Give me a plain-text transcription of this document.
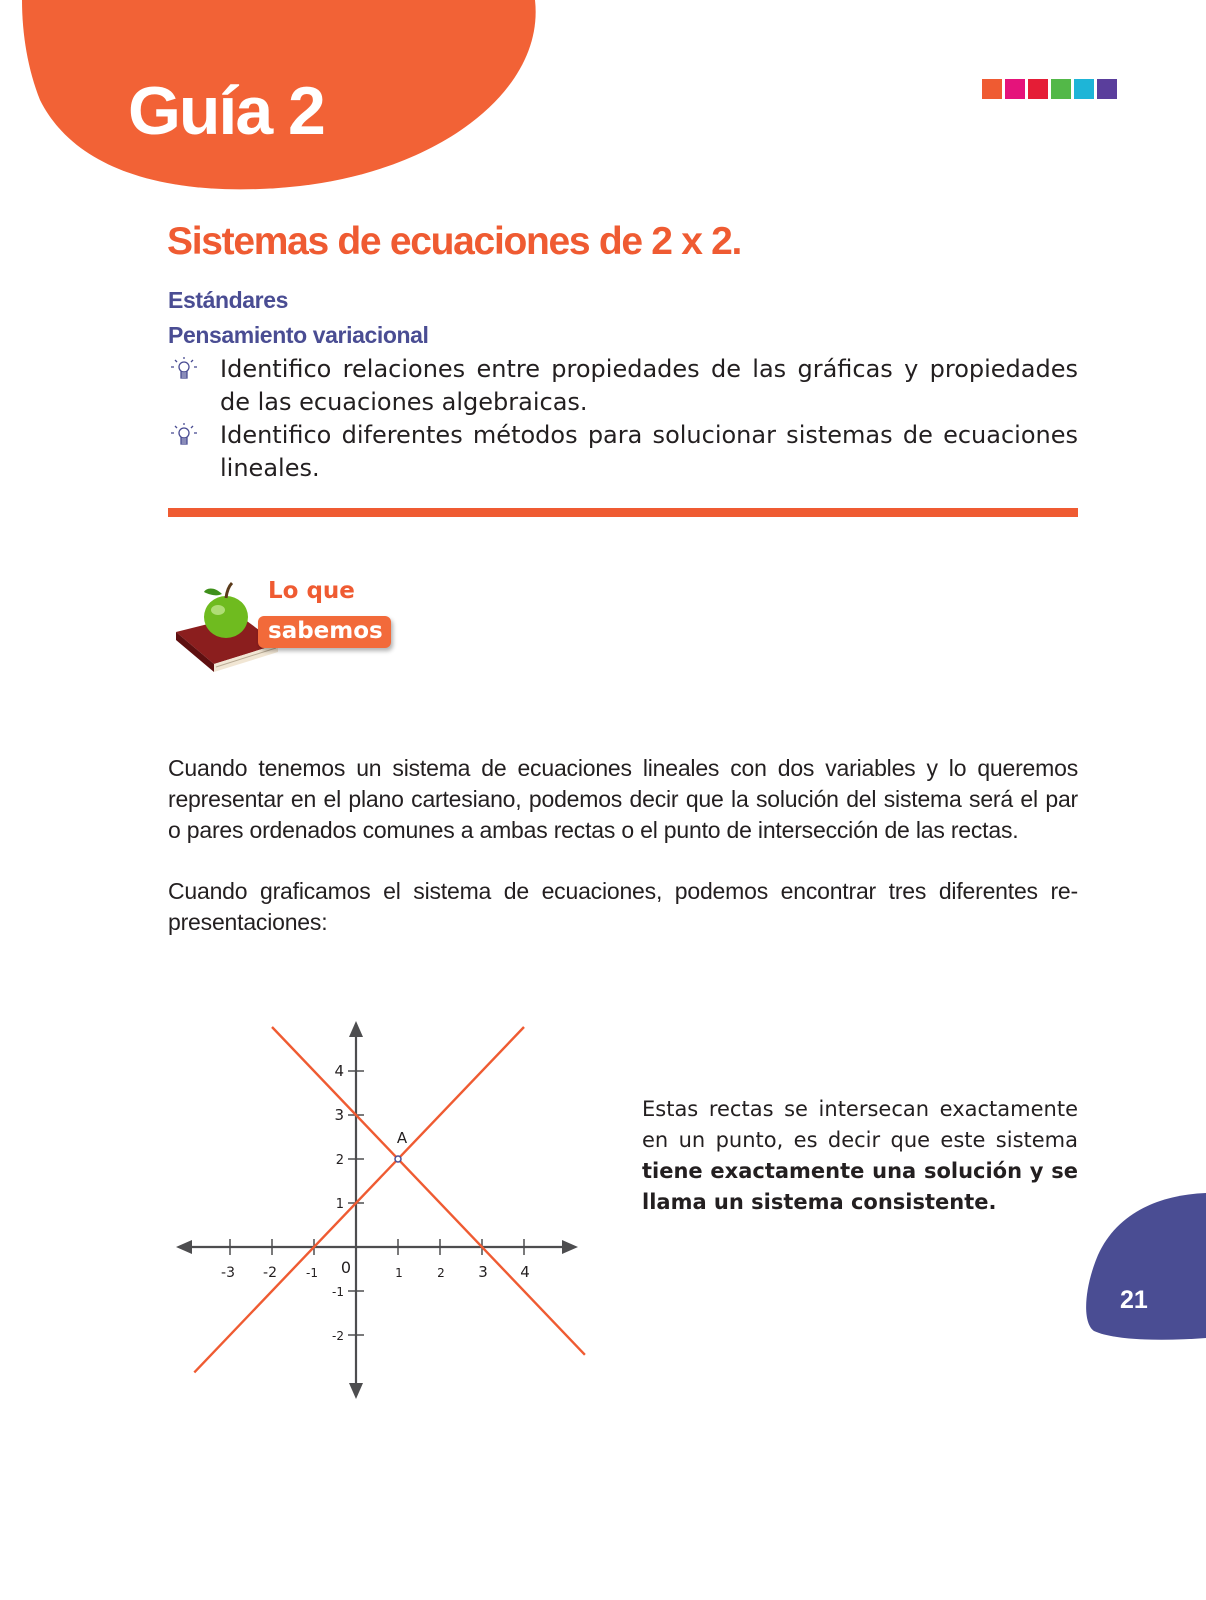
Guía 2
Sistemas de ecuaciones de 2 x 2.
Estándares
Pensamiento variacional
Identifico relaciones entre propiedades de las gráficas y propiedades de las ecuaciones algebraicas.
Identifico diferentes métodos para solucionar sistemas de ecuaciones lineales.
Lo que
sabemos

Cuando tenemos un sistema de ecuaciones lineales con dos variables y lo queremos representar en el plano cartesiano, podemos decir que la solución del sistema será el par o pares ordenados comunes a ambas rectas o el punto de intersección de las rectas.

Cuando graficamos el sistema de ecuaciones, podemos encontrar tres diferentes re-presentaciones:

-3 -2 -1	1	2 3 4
4
3
2
1
-1
-2
0
A

Estas rectas se intersecan exactamente en un punto, es decir que este sistema tiene exactamente una solución y se llama un sistema consistente.

21
